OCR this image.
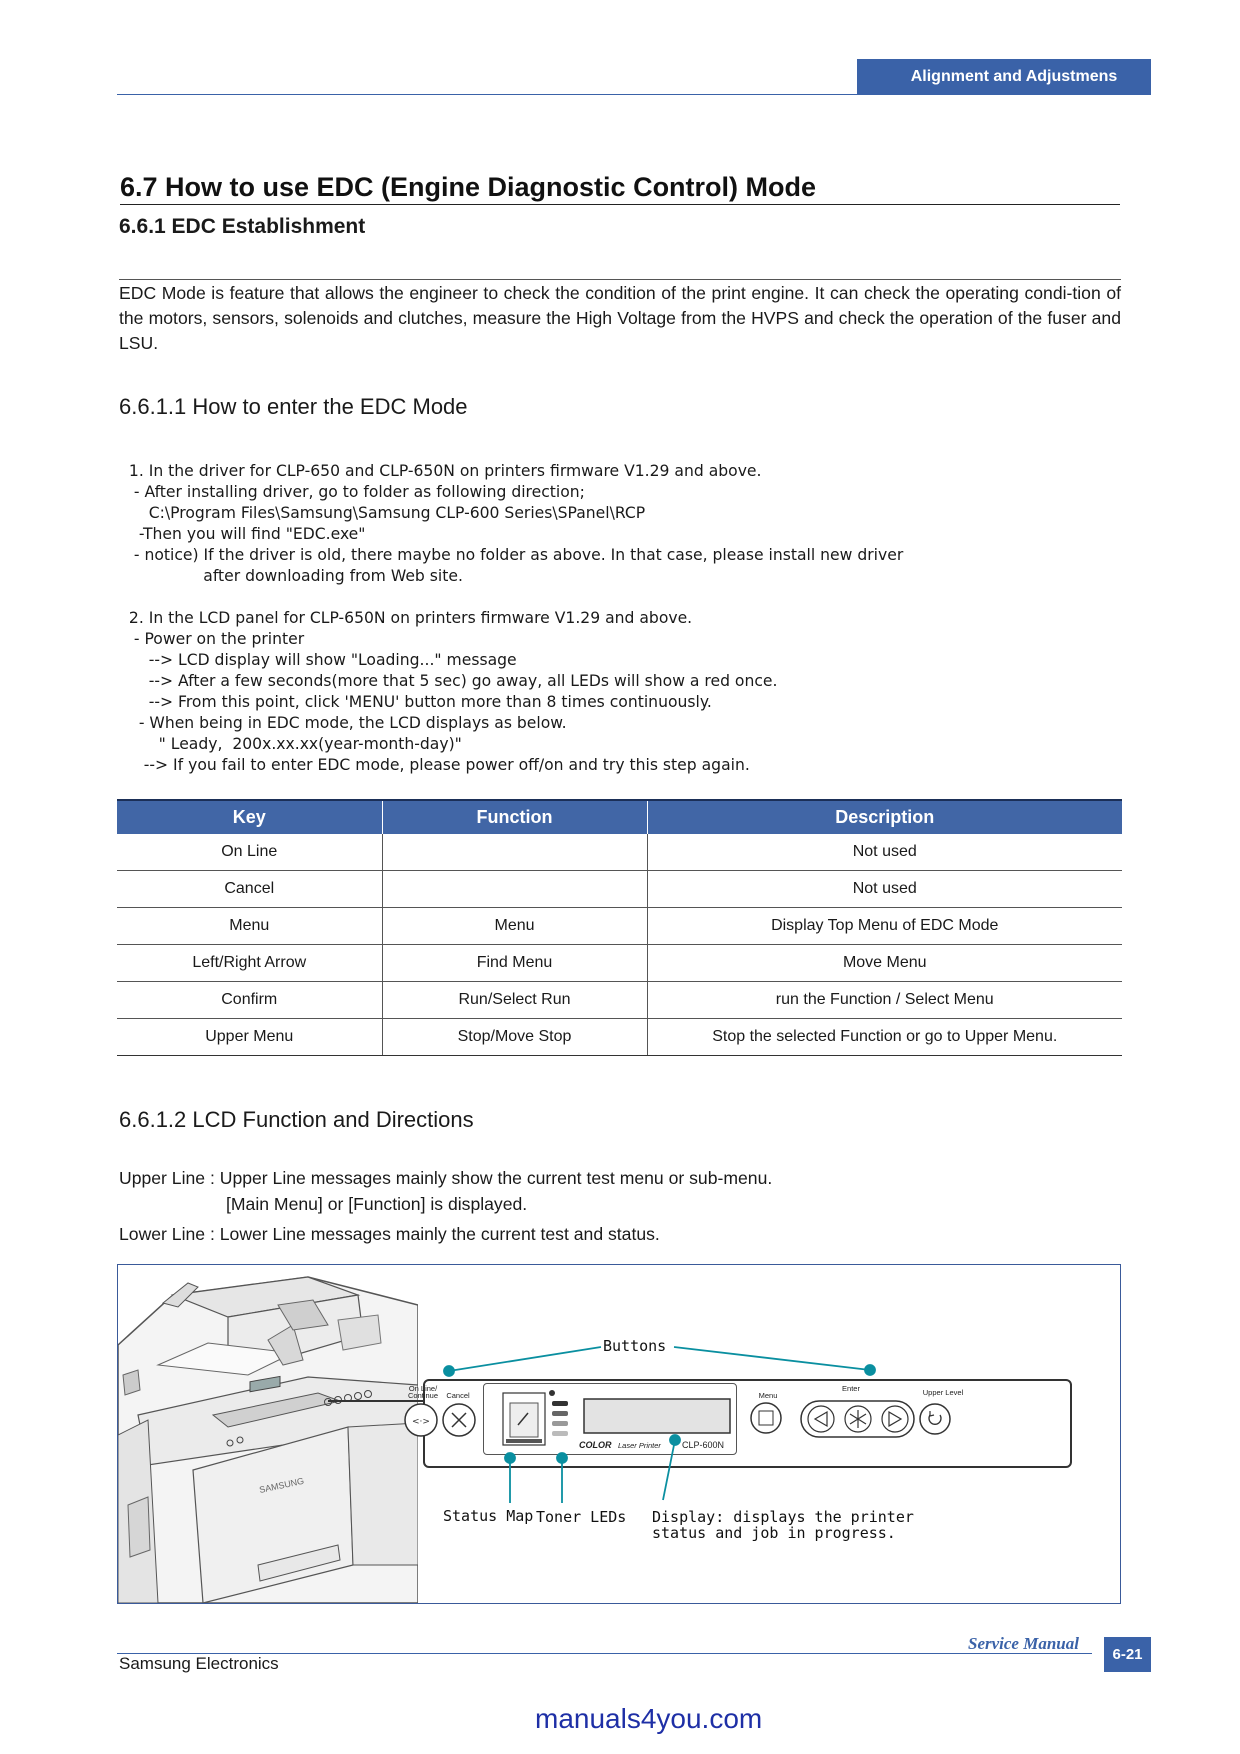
Alignment and Adjustmens
6.7 How to use EDC (Engine Diagnostic Control) Mode
6.6.1 EDC Establishment
EDC Mode is feature that allows the engineer to check the condition of the print engine. It can check the operating condi-tion of the motors, sensors, solenoids and clutches, measure the High Voltage from the HVPS and check the operation of the fuser and LSU.
6.6.1.1 How to enter the EDC Mode
1. In the driver for CLP-650 and CLP-650N on printers firmware V1.29 and above.
- After installing driver, go to folder as following direction;
C:\Program Files\Samsung\Samsung CLP-600 Series\SPanel\RCP
-Then you will find "EDC.exe"
- notice) If the driver is old, there maybe no folder as above. In that case, please install new driver
after downloading from Web site.
2. In the LCD panel for CLP-650N on printers firmware V1.29 and above.
- Power on the printer
--> LCD display will show "Loading..." message
--> After a few seconds(more that 5 sec) go away, all LEDs will show a red once.
--> From this point, click 'MENU' button more than 8 times continuously.
- When being in EDC mode, the LCD displays as below.
" Leady,  200x.xx.xx(year-month-day)"
--> If you fail to enter EDC mode, please power off/on and try this step again.
Key	Function	Description
On Line		Not used
Cancel		Not used
Menu	Menu	Display Top Menu of EDC Mode
Left/Right Arrow	Find Menu	Move Menu
Confirm	Run/Select Run	run the Function / Select Menu
Upper Menu	Stop/Move Stop	Stop the selected Function or go to Upper Menu.
6.6.1.2 LCD Function and Directions
Upper Line : Upper Line messages mainly show the current test menu or sub-menu.
[Main Menu] or [Function] is displayed.
Lower Line : Lower Line messages mainly the current test and status.
SAMSUNG
On Line/
Continue	Cancel	Menu
Enter	Upper Level
<·>
COLOR Laser Printer	CLP-600N
Buttons
Status Map Toner LEDs Display: displays the printer
status and job in progress.
Service Manual
6-21
Samsung Electronics
manuals4you.com
